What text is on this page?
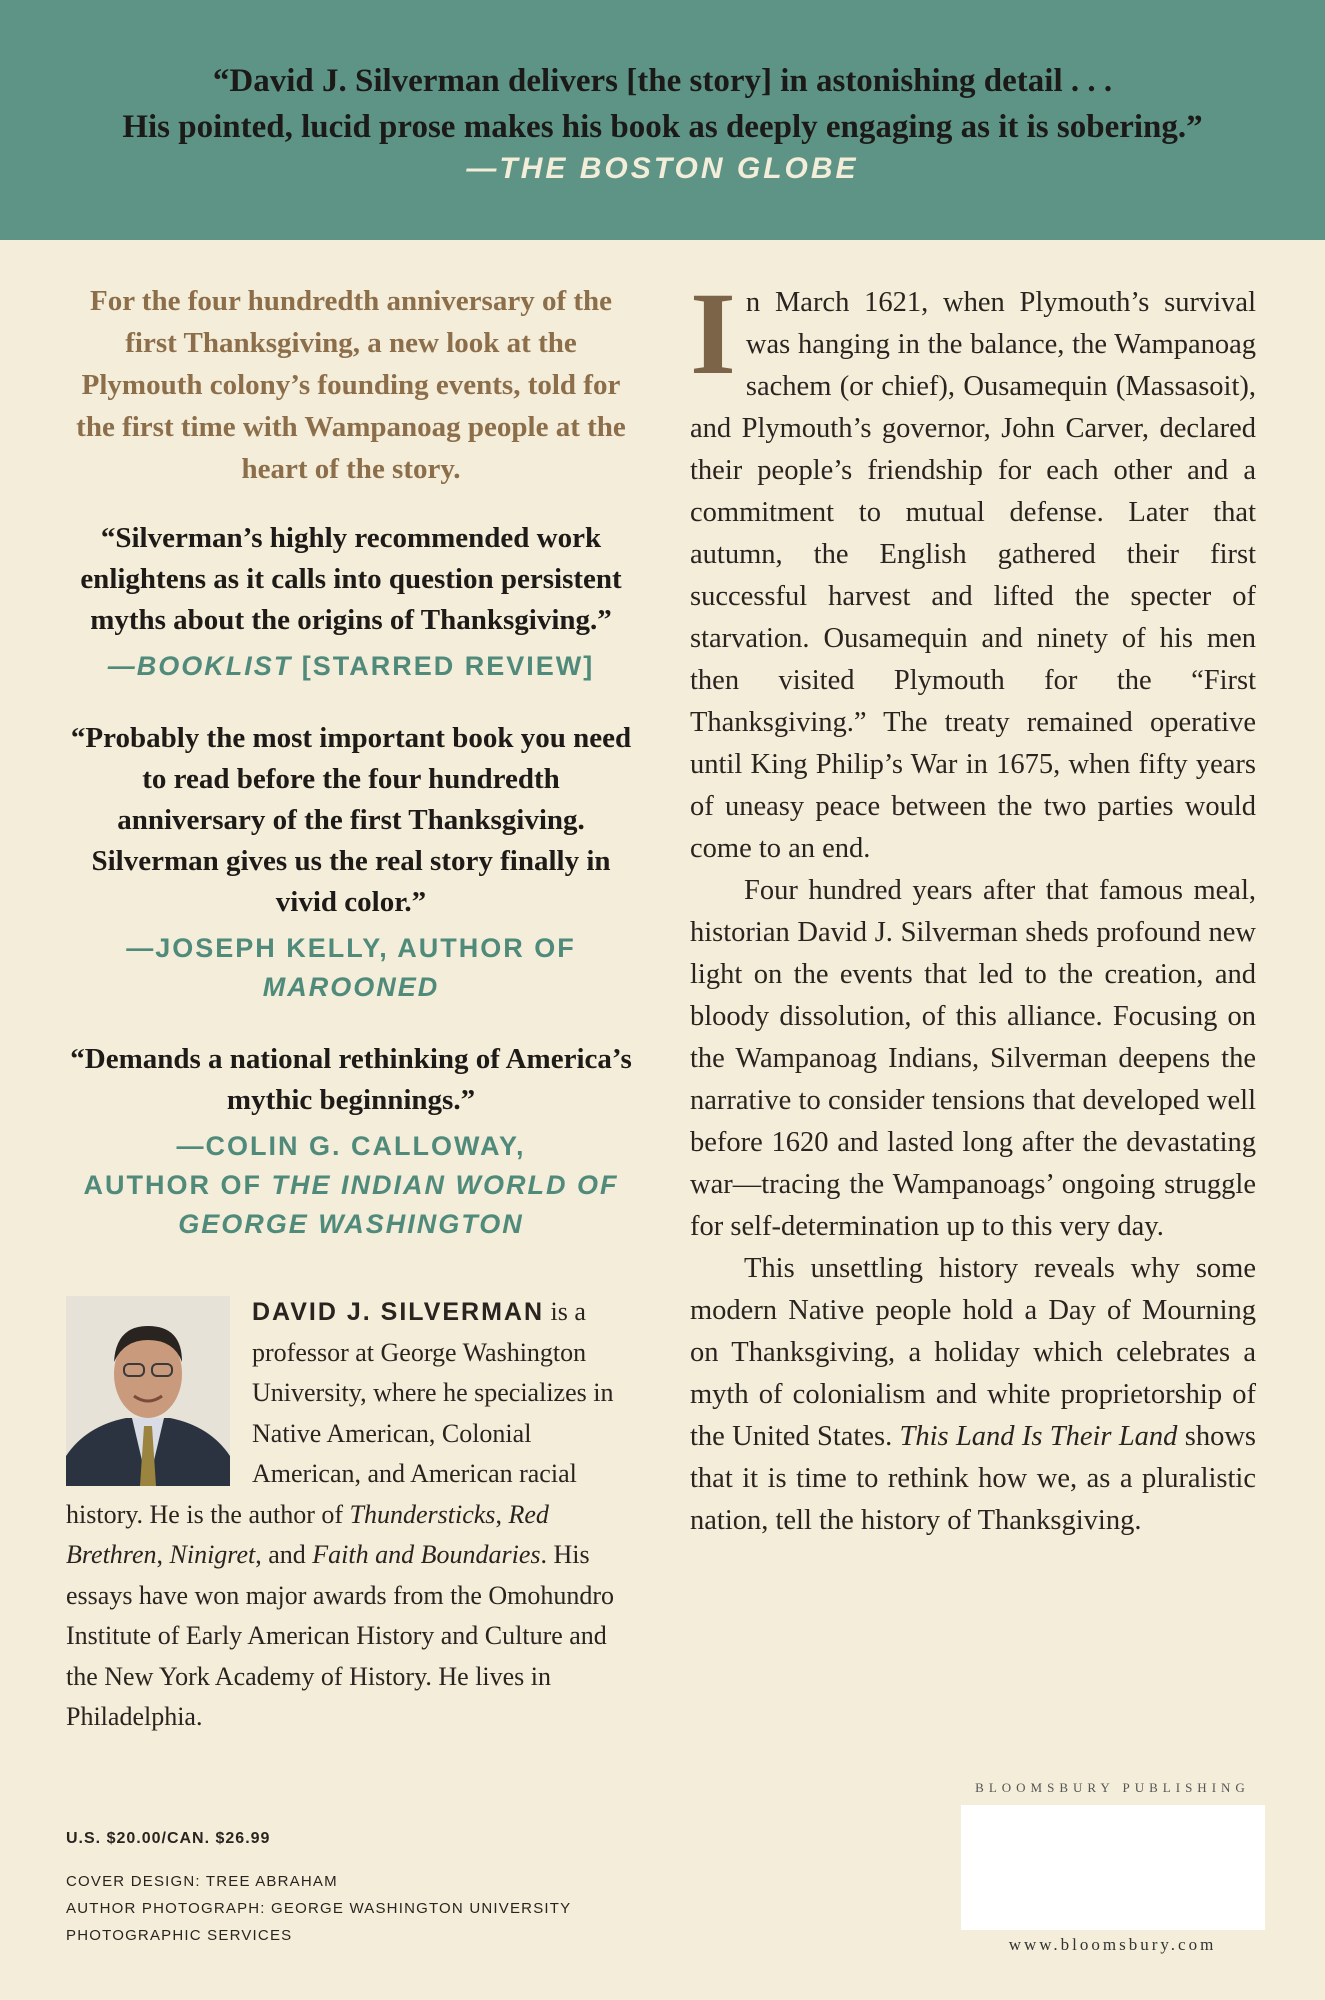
“David J. Silverman delivers [the story] in astonishing detail . . .
His pointed, lucid prose makes his book as deeply engaging as it is sobering.”
—THE BOSTON GLOBE

For the four hundredth anniversary of the first Thanksgiving, a new look at the Plymouth colony’s founding events, told for the first time with Wampanoag people at the heart of the story.

“Silverman’s highly recommended work enlightens as it calls into question persistent myths about the origins of Thanksgiving.”

—BOOKLIST [STARRED REVIEW]

“Probably the most important book you need to read before the four hundredth anniversary of the first Thanksgiving. Silverman gives us the real story finally in vivid color.”

—JOSEPH KELLY, AUTHOR OF MAROONED

“Demands a national rethinking of America’s mythic beginnings.”

—COLIN G. CALLOWAY,
AUTHOR OF THE INDIAN WORLD OF GEORGE WASHINGTON
DAVID J. SILVERMAN is a professor at George Washington University, where he specializes in Native American, Colonial American, and American racial history. He is the author of Thundersticks, Red Brethren, Ninigret, and Faith and Boundaries. His essays have won major awards from the Omohundro Institute of Early American History and Culture and the New York Academy of History. He lives in Philadelphia.

In March 1621, when Plymouth’s survival was hanging in the balance, the Wampanoag sachem (or chief), Ousamequin (Massasoit), and Plymouth’s governor, John Carver, declared their people’s friendship for each other and a commitment to mutual defense. Later that autumn, the English gathered their first successful harvest and lifted the specter of starvation. Ousamequin and ninety of his men then visited Plymouth for the “First Thanksgiving.” The treaty remained operative until King Philip’s War in 1675, when fifty years of uneasy peace between the two parties would come to an end.

Four hundred years after that famous meal, historian David J. Silverman sheds profound new light on the events that led to the creation, and bloody dissolution, of this alliance. Focusing on the Wampanoag Indians, Silverman deepens the narrative to consider tensions that developed well before 1620 and lasted long after the devastating war—tracing the Wampanoags’ ongoing struggle for self-determination up to this very day.

This unsettling history reveals why some modern Native people hold a Day of Mourning on Thanksgiving, a holiday which celebrates a myth of colonialism and white proprietorship of the United States. This Land Is Their Land shows that it is time to rethink how we, as a pluralistic nation, tell the history of Thanksgiving.

U.S. $20.00/CAN. $26.99
COVER DESIGN: TREE ABRAHAM
AUTHOR PHOTOGRAPH: GEORGE WASHINGTON UNIVERSITY
PHOTOGRAPHIC SERVICES
BLOOMSBURY PUBLISHING
www.bloomsbury.com
